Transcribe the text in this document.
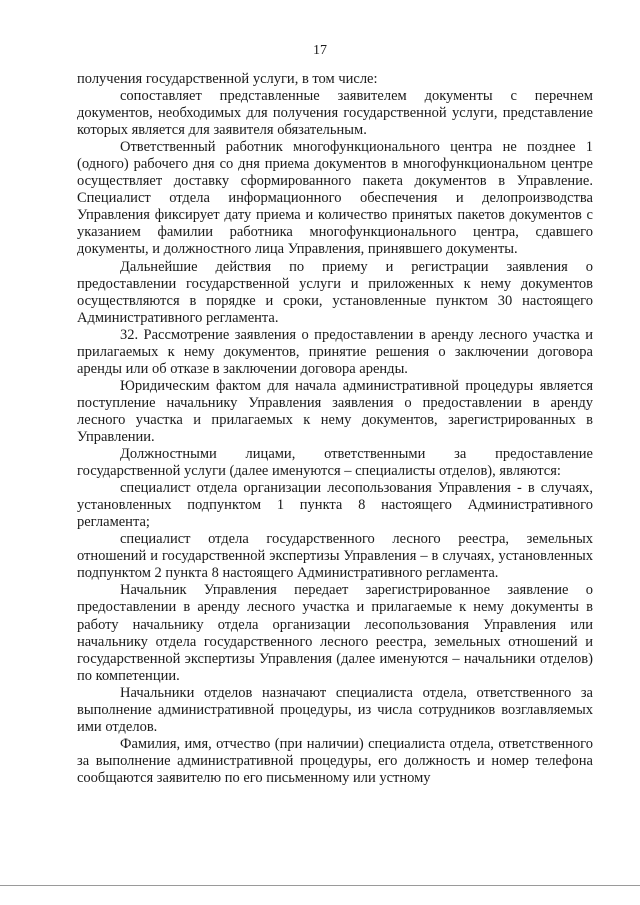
17

получения государственной услуги, в том числе:

сопоставляет представленные заявителем документы с перечнем документов, необходимых для получения государственной услуги, представление которых является для заявителя обязательным.

Ответственный работник многофункционального центра не позднее 1 (одного) рабочего дня со дня приема документов в многофункциональном центре осуществляет доставку сформированного пакета документов в Управление. Специалист отдела информационного обеспечения и делопроизводства Управления фиксирует дату приема и количество принятых пакетов документов с указанием фамилии работника многофункционального центра, сдавшего документы, и должностного лица Управления, принявшего документы.

Дальнейшие действия по приему и регистрации заявления о предоставлении государственной услуги и приложенных к нему документов осуществляются в порядке и сроки, установленные пунктом 30 настоящего Административного регламента.

32. Рассмотрение заявления о предоставлении в аренду лесного участка и прилагаемых к нему документов, принятие решения о заключении договора аренды или об отказе в заключении договора аренды.

Юридическим фактом для начала административной процедуры является поступление начальнику Управления заявления о предоставлении в аренду лесного участка и прилагаемых к нему документов, зарегистрированных в Управлении.

Должностными лицами, ответственными за предоставление государственной услуги (далее именуются – специалисты отделов), являются:

специалист отдела организации лесопользования Управления - в случаях, установленных подпунктом 1 пункта 8 настоящего Административного регламента;

специалист отдела государственного лесного реестра, земельных отношений и государственной экспертизы Управления – в случаях, установленных подпунктом 2 пункта 8 настоящего Административного регламента.

Начальник Управления передает зарегистрированное заявление о предоставлении в аренду лесного участка и прилагаемые к нему документы в работу начальнику отдела организации лесопользования Управления или начальнику отдела государственного лесного реестра, земельных отношений и государственной экспертизы Управления (далее именуются – начальники отделов) по компетенции.

Начальники отделов назначают специалиста отдела, ответственного за выполнение административной процедуры, из числа сотрудников возглавляемых ими отделов.

Фамилия, имя, отчество (при наличии) специалиста отдела, ответственного за выполнение административной процедуры, его должность и номер телефона сообщаются заявителю по его письменному или устному
